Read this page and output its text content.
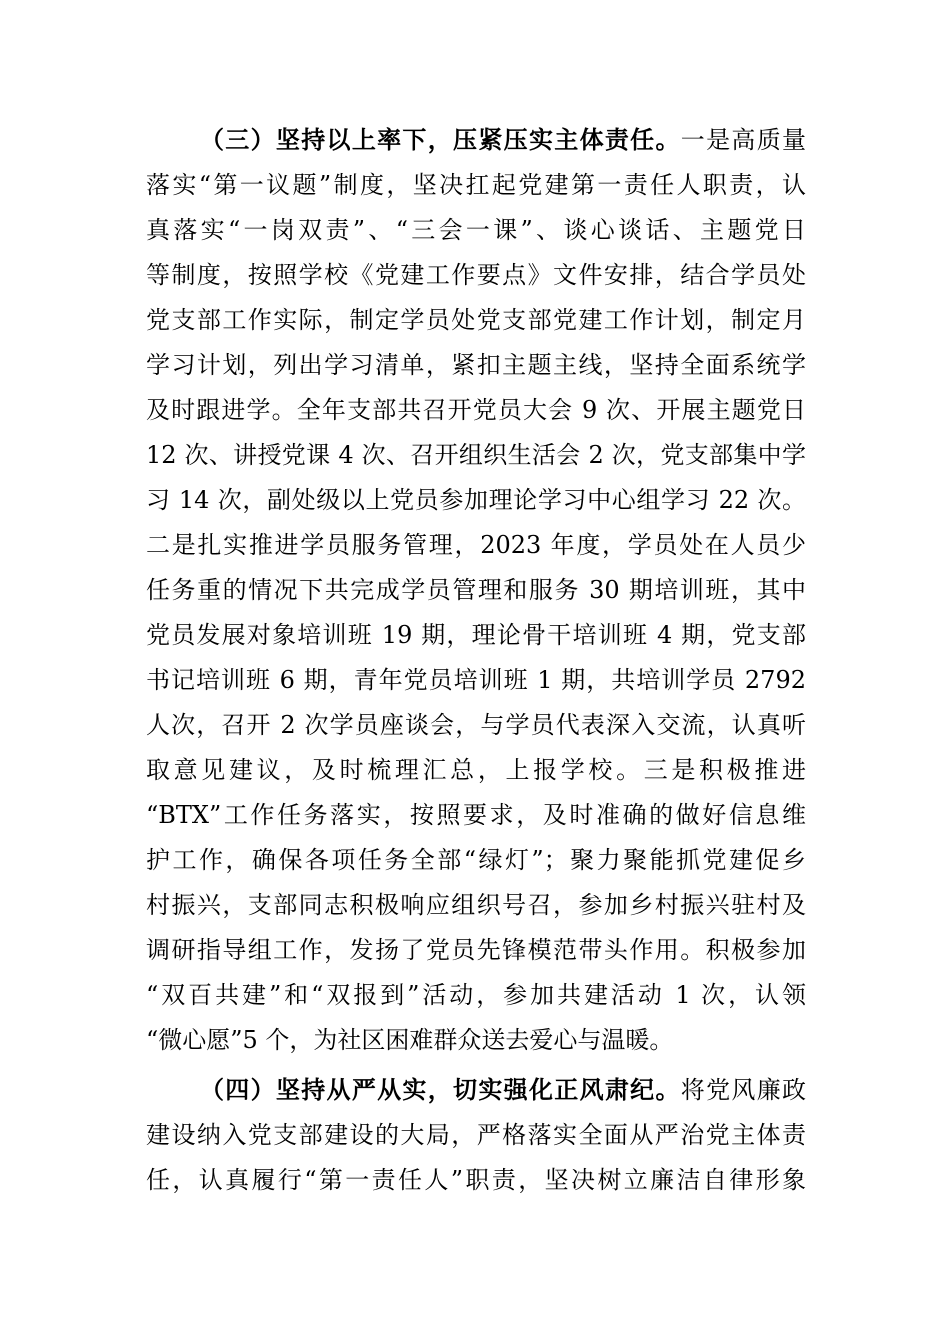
（三）坚持以上率下，压紧压实主体责任。一是高质量
落实“第一议题”制度，坚决扛起党建第一责任人职责，认
真落实“一岗双责”、“三会一课”、谈心谈话、主题党日
等制度，按照学校《党建工作要点》文件安排，结合学员处
党支部工作实际，制定学员处党支部党建工作计划，制定月
学习计划，列出学习清单，紧扣主题主线，坚持全面系统学
及时跟进学。全年支部共召开党员大会 9 次、开展主题党日
12 次、讲授党课 4 次、召开组织生活会 2 次，党支部集中学
习 14 次，副处级以上党员参加理论学习中心组学习 22 次。
二是扎实推进学员服务管理，2023 年度，学员处在人员少
任务重的情况下共完成学员管理和服务 30 期培训班，其中
党员发展对象培训班 19 期，理论骨干培训班 4 期，党支部
书记培训班 6 期，青年党员培训班 1 期，共培训学员 2792
人次，召开 2 次学员座谈会，与学员代表深入交流，认真听
取意见建议，及时梳理汇总，上报学校。三是积极推进
“BTX”工作任务落实，按照要求，及时准确的做好信息维
护工作，确保各项任务全部“绿灯”；聚力聚能抓党建促乡
村振兴，支部同志积极响应组织号召，参加乡村振兴驻村及
调研指导组工作，发扬了党员先锋模范带头作用。积极参加
“双百共建”和“双报到”活动，参加共建活动 1 次，认领
“微心愿”5 个，为社区困难群众送去爱心与温暖。
（四）坚持从严从实，切实强化正风肃纪。将党风廉政
建设纳入党支部建设的大局，严格落实全面从严治党主体责
任，认真履行“第一责任人”职责，坚决树立廉洁自律形象
